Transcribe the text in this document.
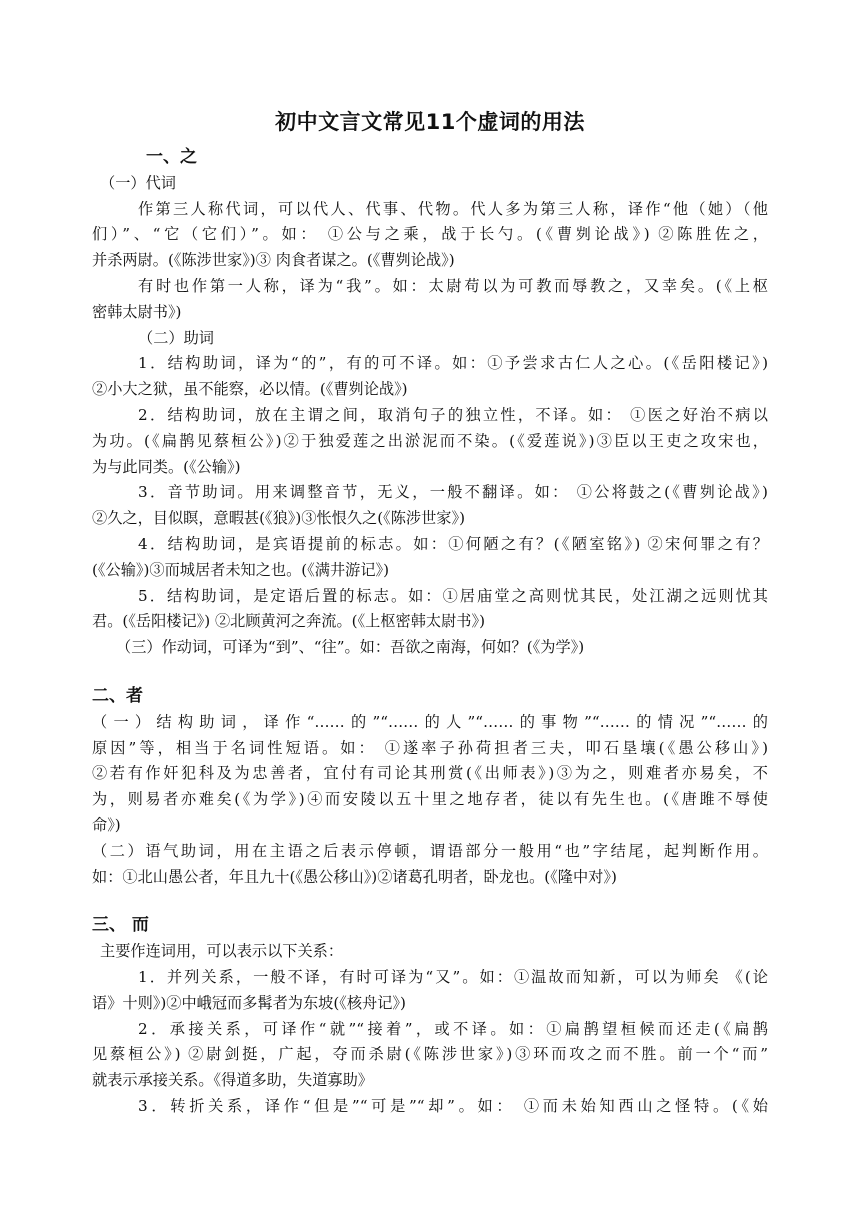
初中文言文常见11个虚词的用法
一、之
（一）代词
作第三人称代词，可以代人、代事、代物。代人多为第三人称，译作“他（她）（他
们）”、“它（它们）”。如： ①公与之乘，战于长勺。(《曹刿论战》) ②陈胜佐之，
并杀两尉。(《陈涉世家》)③ 肉食者谋之。(《曹刿论战》)
有时也作第一人称，译为“我”。如：太尉苟以为可教而辱教之，又幸矣。(《上枢
密韩太尉书》)
（二）助词
1．结构助词，译为“的”，有的可不译。如：①予尝求古仁人之心。(《岳阳楼记》)
②小大之狱，虽不能察，必以情。(《曹刿论战》)
2．结构助词，放在主谓之间，取消句子的独立性，不译。如： ①医之好治不病以
为功。(《扁鹊见蔡桓公》)②于独爱莲之出淤泥而不染。(《爱莲说》)③臣以王吏之攻宋也，
为与此同类。(《公输》)
3．音节助词。用来调整音节，无义，一般不翻译。如： ①公将鼓之(《曹刿论战》)
②久之，目似瞑，意暇甚(《狼》)③怅恨久之(《陈涉世家》)
4．结构助词，是宾语提前的标志。如：①何陋之有？(《陋室铭》) ②宋何罪之有？
(《公输》)③而城居者未知之也。(《满井游记》)
5．结构助词，是定语后置的标志。如：①居庙堂之高则忧其民，处江湖之远则忧其
君。(《岳阳楼记》) ②北顾黄河之奔流。(《上枢密韩太尉书》)
（三）作动词，可译为“到”、“往”。如：吾欲之南海，何如？(《为学》)
二、者
（一）结构助词，译作“……的”“……的人”“……的事物”“……的情况”“……的
原因”等，相当于名词性短语。如： ①遂率子孙荷担者三夫，叩石垦壤(《愚公移山》)
②若有作奸犯科及为忠善者，宜付有司论其刑赏(《出师表》)③为之，则难者亦易矣，不
为，则易者亦难矣(《为学》)④而安陵以五十里之地存者，徒以有先生也。(《唐雎不辱使
命》)
（二）语气助词，用在主语之后表示停顿，谓语部分一般用“也”字结尾，起判断作用。
如：①北山愚公者，年且九十(《愚公移山》)②诸葛孔明者，卧龙也。(《隆中对》)
三、 而
主要作连词用，可以表示以下关系：
1．并列关系，一般不译，有时可译为“又”。如：①温故而知新，可以为师矣 《(论
语》十则》)②中峨冠而多髯者为东坡(《核舟记》)
2．承接关系，可译作“就”“接着”，或不译。如：①扁鹊望桓候而还走(《扁鹊
见蔡桓公》) ②尉剑挺，广起，夺而杀尉(《陈涉世家》)③环而攻之而不胜。前一个“而”
就表示承接关系。《得道多助，失道寡助》
3．转折关系，译作“但是”“可是”“却”。如： ①而未始知西山之怪特。(《始
